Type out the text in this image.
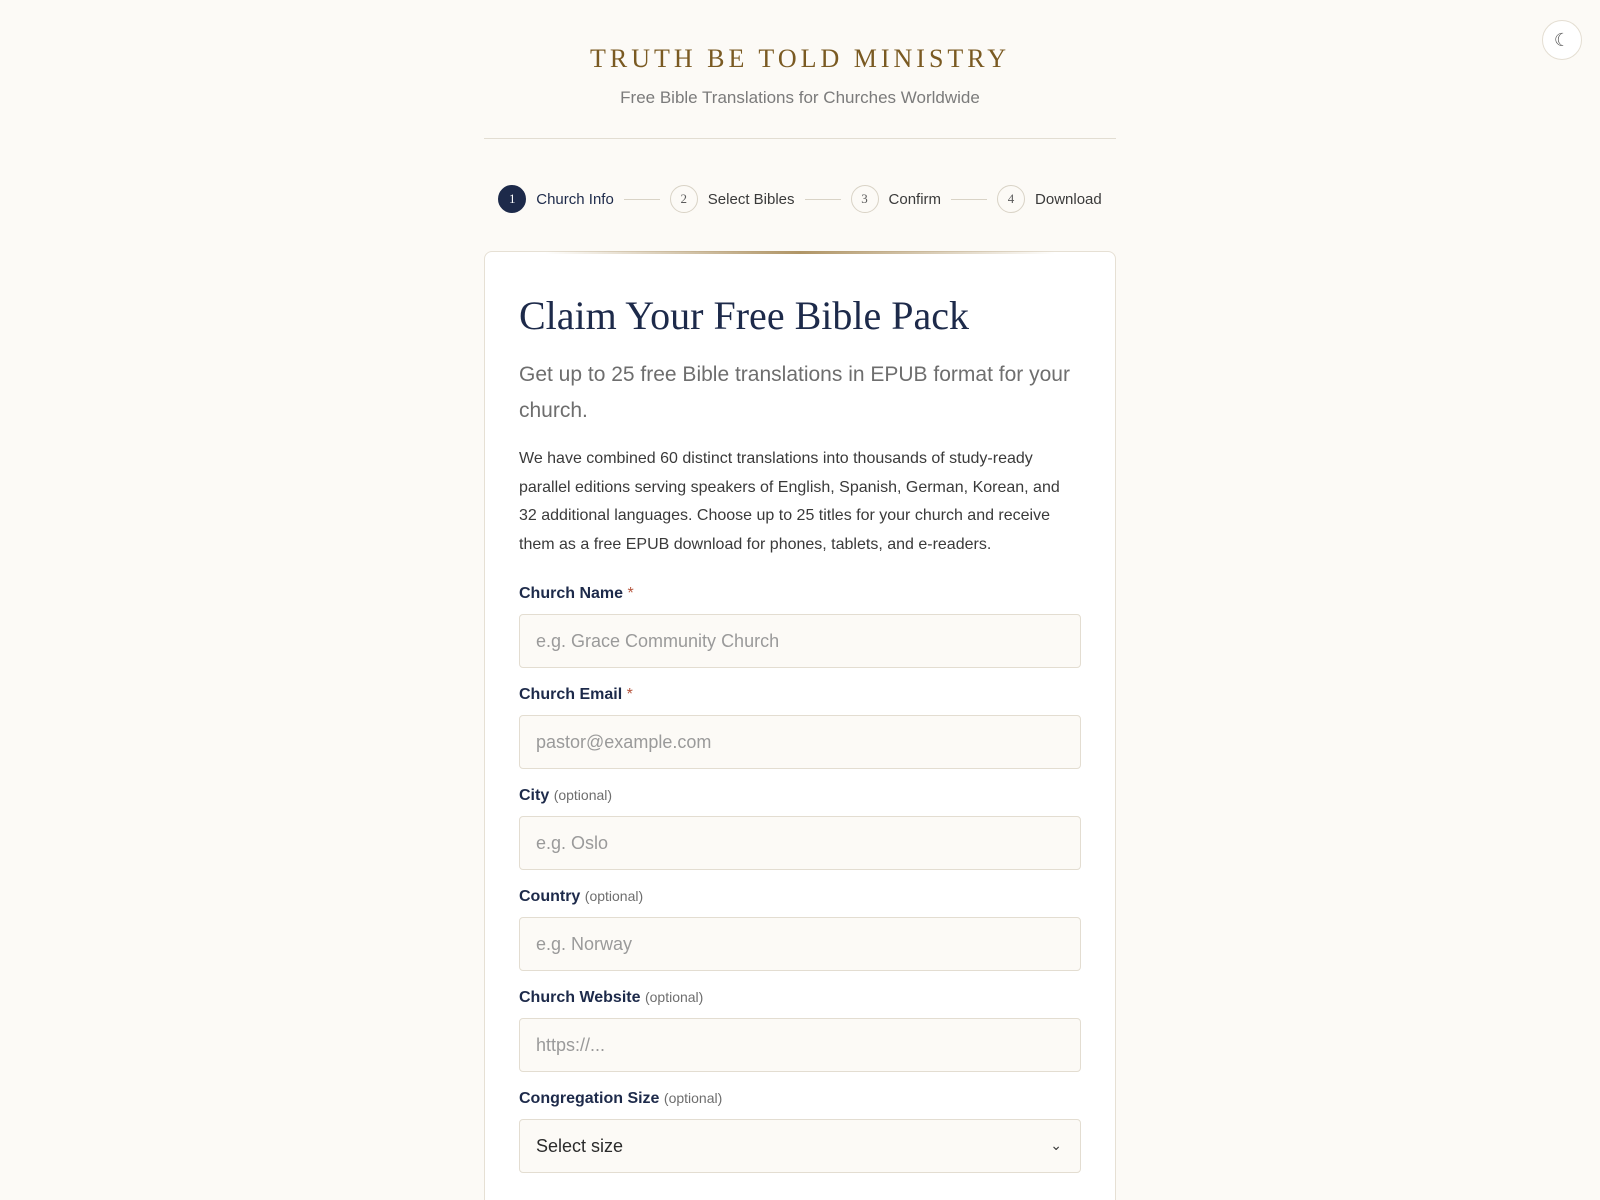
☾
TRUTH BE TOLD MINISTRY
Free Bible Translations for Churches Worldwide
1	Church Info	2	Select Bibles	3	Confirm	4	Download
Claim Your Free Bible Pack

Get up to 25 free Bible translations in EPUB format for your church.

We have combined 60 distinct translations into thousands of study-ready parallel editions serving speakers of English, Spanish, German, Korean, and 32 additional languages. Choose up to 25 titles for your church and receive them as a free EPUB download for phones, tablets, and e-readers.

Church Name *
e.g. Grace Community Church
Church Email *
pastor@example.com
City (optional)
e.g. Oslo
Country (optional)
e.g. Norway
Church Website (optional)
https://...
Congregation Size (optional)
Select size	⌄
